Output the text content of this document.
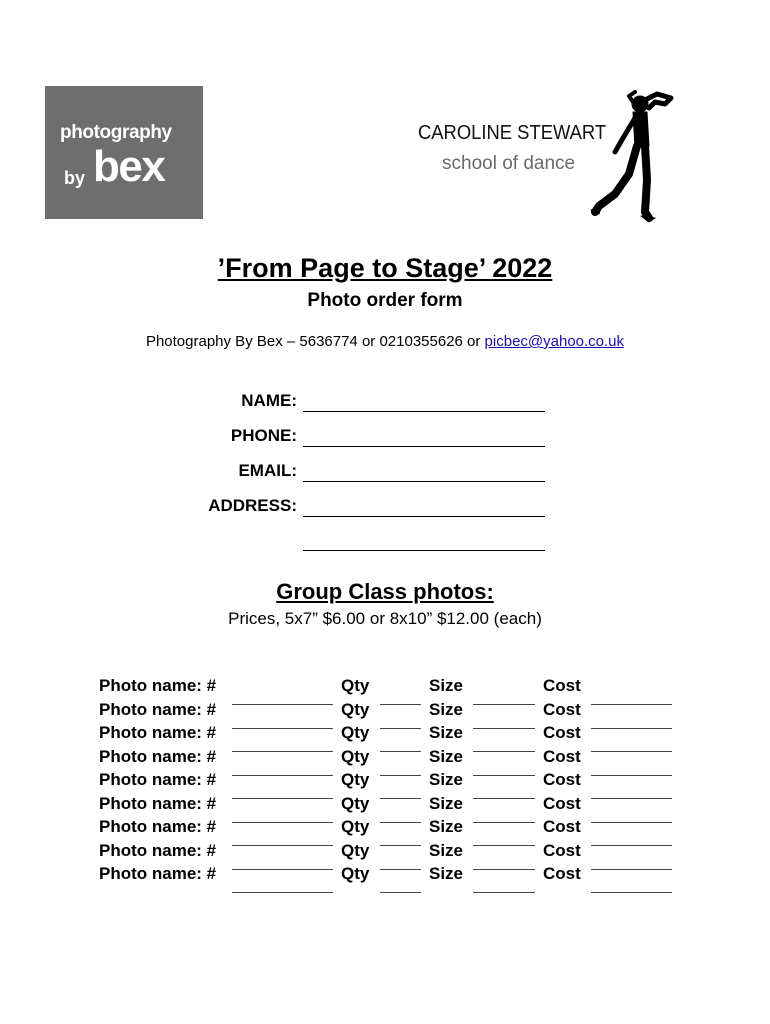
photography
by bex
CAROLINE STEWART
school of dance
’From Page to Stage’ 2022
Photo order form
Photography By Bex – 5636774 or 0210355626 or picbec@yahoo.co.uk
NAME:
PHONE:
EMAIL:
ADDRESS:
Group Class photos:
Prices, 5x7” $6.00 or 8x10” $12.00 (each)
Photo name: #	Qty	Size	Cost
Photo name: #	Qty	Size	Cost
Photo name: #	Qty	Size	Cost
Photo name: #	Qty	Size	Cost
Photo name: #	Qty	Size	Cost
Photo name: #	Qty	Size	Cost
Photo name: #	Qty	Size	Cost
Photo name: #	Qty	Size	Cost
Photo name: #	Qty	Size	Cost
